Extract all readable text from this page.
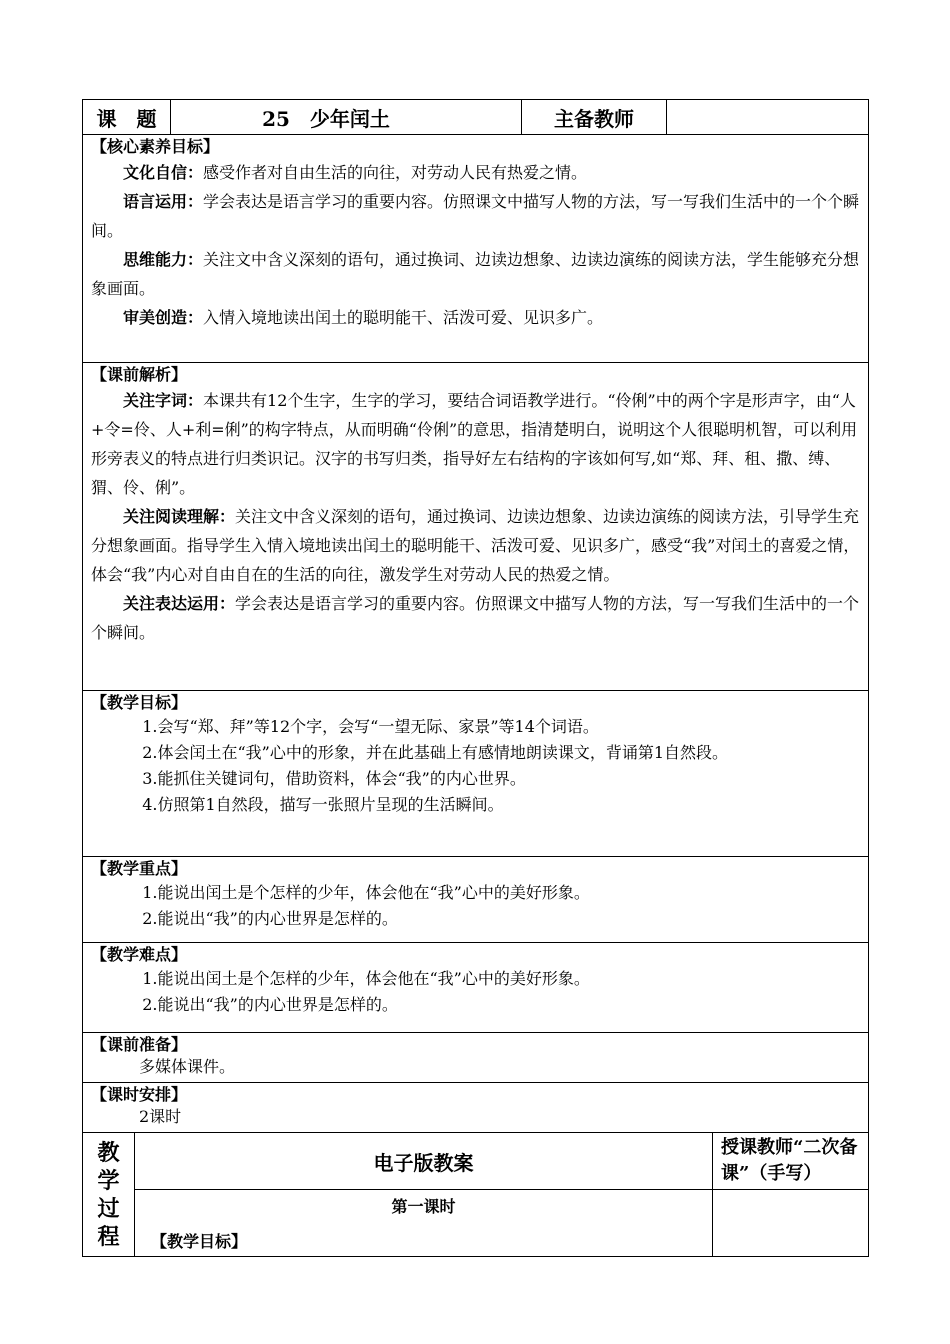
课　题	25　少年闰土	主备教师	

【核心素养目标】

文化自信：感受作者对自由生活的向往，对劳动人民有热爱之情。

语言运用：学会表达是语言学习的重要内容。仿照课文中描写人物的方法，写一写我们生活中的一个个瞬间。

思维能力：关注文中含义深刻的语句，通过换词、边读边想象、边读边演练的阅读方法，学生能够充分想象画面。

审美创造：入情入境地读出闰土的聪明能干、活泼可爱、见识多广。

【课前解析】

关注字词：本课共有12个生字，生字的学习，要结合词语教学进行。“伶俐”中的两个字是形声字，由“人+令=伶、人+利=俐”的构字特点，从而明确“伶俐”的意思，指清楚明白，说明这个人很聪明机智，可以利用形旁表义的特点进行归类识记。汉字的书写归类，指导好左右结构的字该如何写,如“郑、拜、租、撒、缚、猬、伶、俐”。

关注阅读理解：关注文中含义深刻的语句，通过换词、边读边想象、边读边演练的阅读方法，引导学生充分想象画面。指导学生入情入境地读出闰土的聪明能干、活泼可爱、见识多广，感受“我”对闰土的喜爱之情，体会“我”内心对自由自在的生活的向往，激发学生对劳动人民的热爱之情。

关注表达运用：学会表达是语言学习的重要内容。仿照课文中描写人物的方法，写一写我们生活中的一个个瞬间。

【教学目标】

1.会写“郑、拜”等12个字，会写“一望无际、家景”等14个词语。

2.体会闰土在“我”心中的形象，并在此基础上有感情地朗读课文，背诵第1自然段。

3.能抓住关键词句，借助资料，体会“我”的内心世界。

4.仿照第1自然段，描写一张照片呈现的生活瞬间。

【教学重点】

1.能说出闰土是个怎样的少年，体会他在“我”心中的美好形象。

2.能说出“我”的内心世界是怎样的。

【教学难点】

1.能说出闰土是个怎样的少年，体会他在“我”心中的美好形象。

2.能说出“我”的内心世界是怎样的。

【课前准备】

多媒体课件。

【课时安排】

2课时

教
学
过
程	电子版教案	授课教师“二次备课”（手写）

	第一课时
【教学目标】	
